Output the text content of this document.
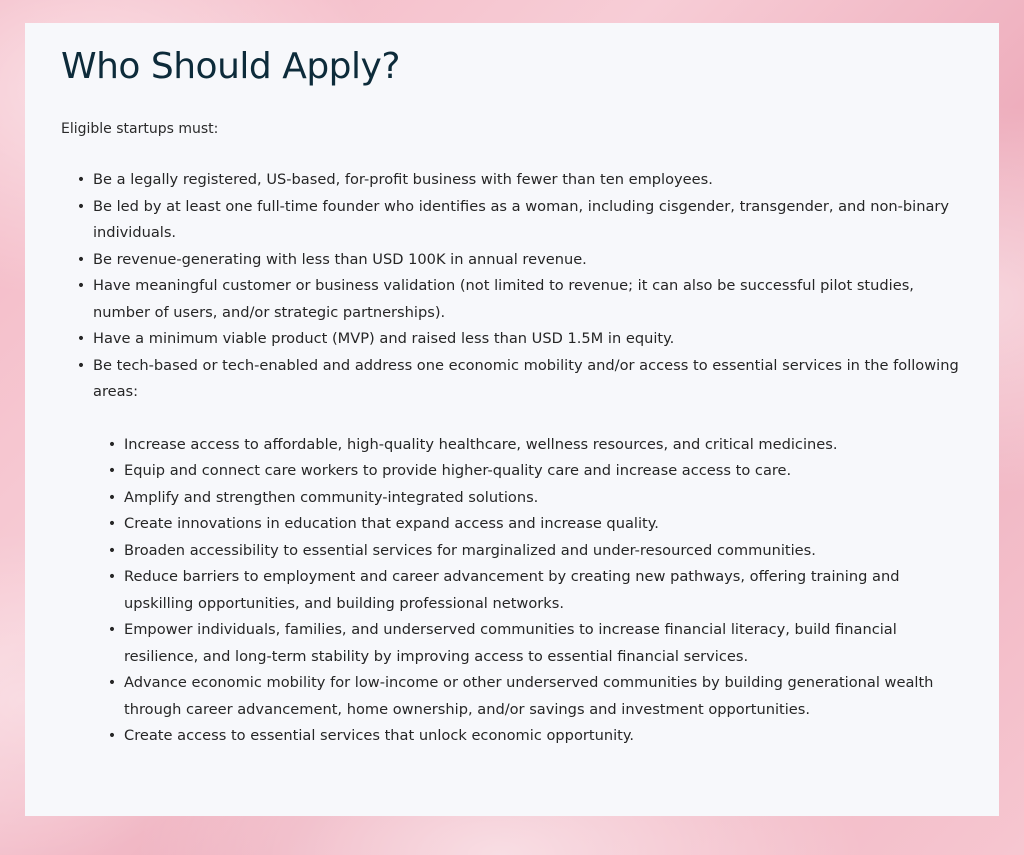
Who Should Apply?

Eligible startups must:

• Be a legally registered, US-based, for-profit business with fewer than ten employees.
• Be led by at least one full-time founder who identifies as a woman, including cisgender, transgender, and non-binary individuals.
• Be revenue-generating with less than USD 100K in annual revenue.
• Have meaningful customer or business validation (not limited to revenue; it can also be successful pilot studies, number of users, and/or strategic partnerships).
• Have a minimum viable product (MVP) and raised less than USD 1.5M in equity.
• Be tech-based or tech-enabled and address one economic mobility and/or access to essential services in the following areas:
• Increase access to affordable, high-quality healthcare, wellness resources, and critical medicines.
• Equip and connect care workers to provide higher-quality care and increase access to care.
• Amplify and strengthen community-integrated solutions.
• Create innovations in education that expand access and increase quality.
• Broaden accessibility to essential services for marginalized and under-resourced communities.
• Reduce barriers to employment and career advancement by creating new pathways, offering training and upskilling opportunities, and building professional networks.
• Empower individuals, families, and underserved communities to increase financial literacy, build financial resilience, and long-term stability by improving access to essential financial services.
• Advance economic mobility for low-income or other underserved communities by building generational wealth through career advancement, home ownership, and/or savings and investment opportunities.
• Create access to essential services that unlock economic opportunity.
